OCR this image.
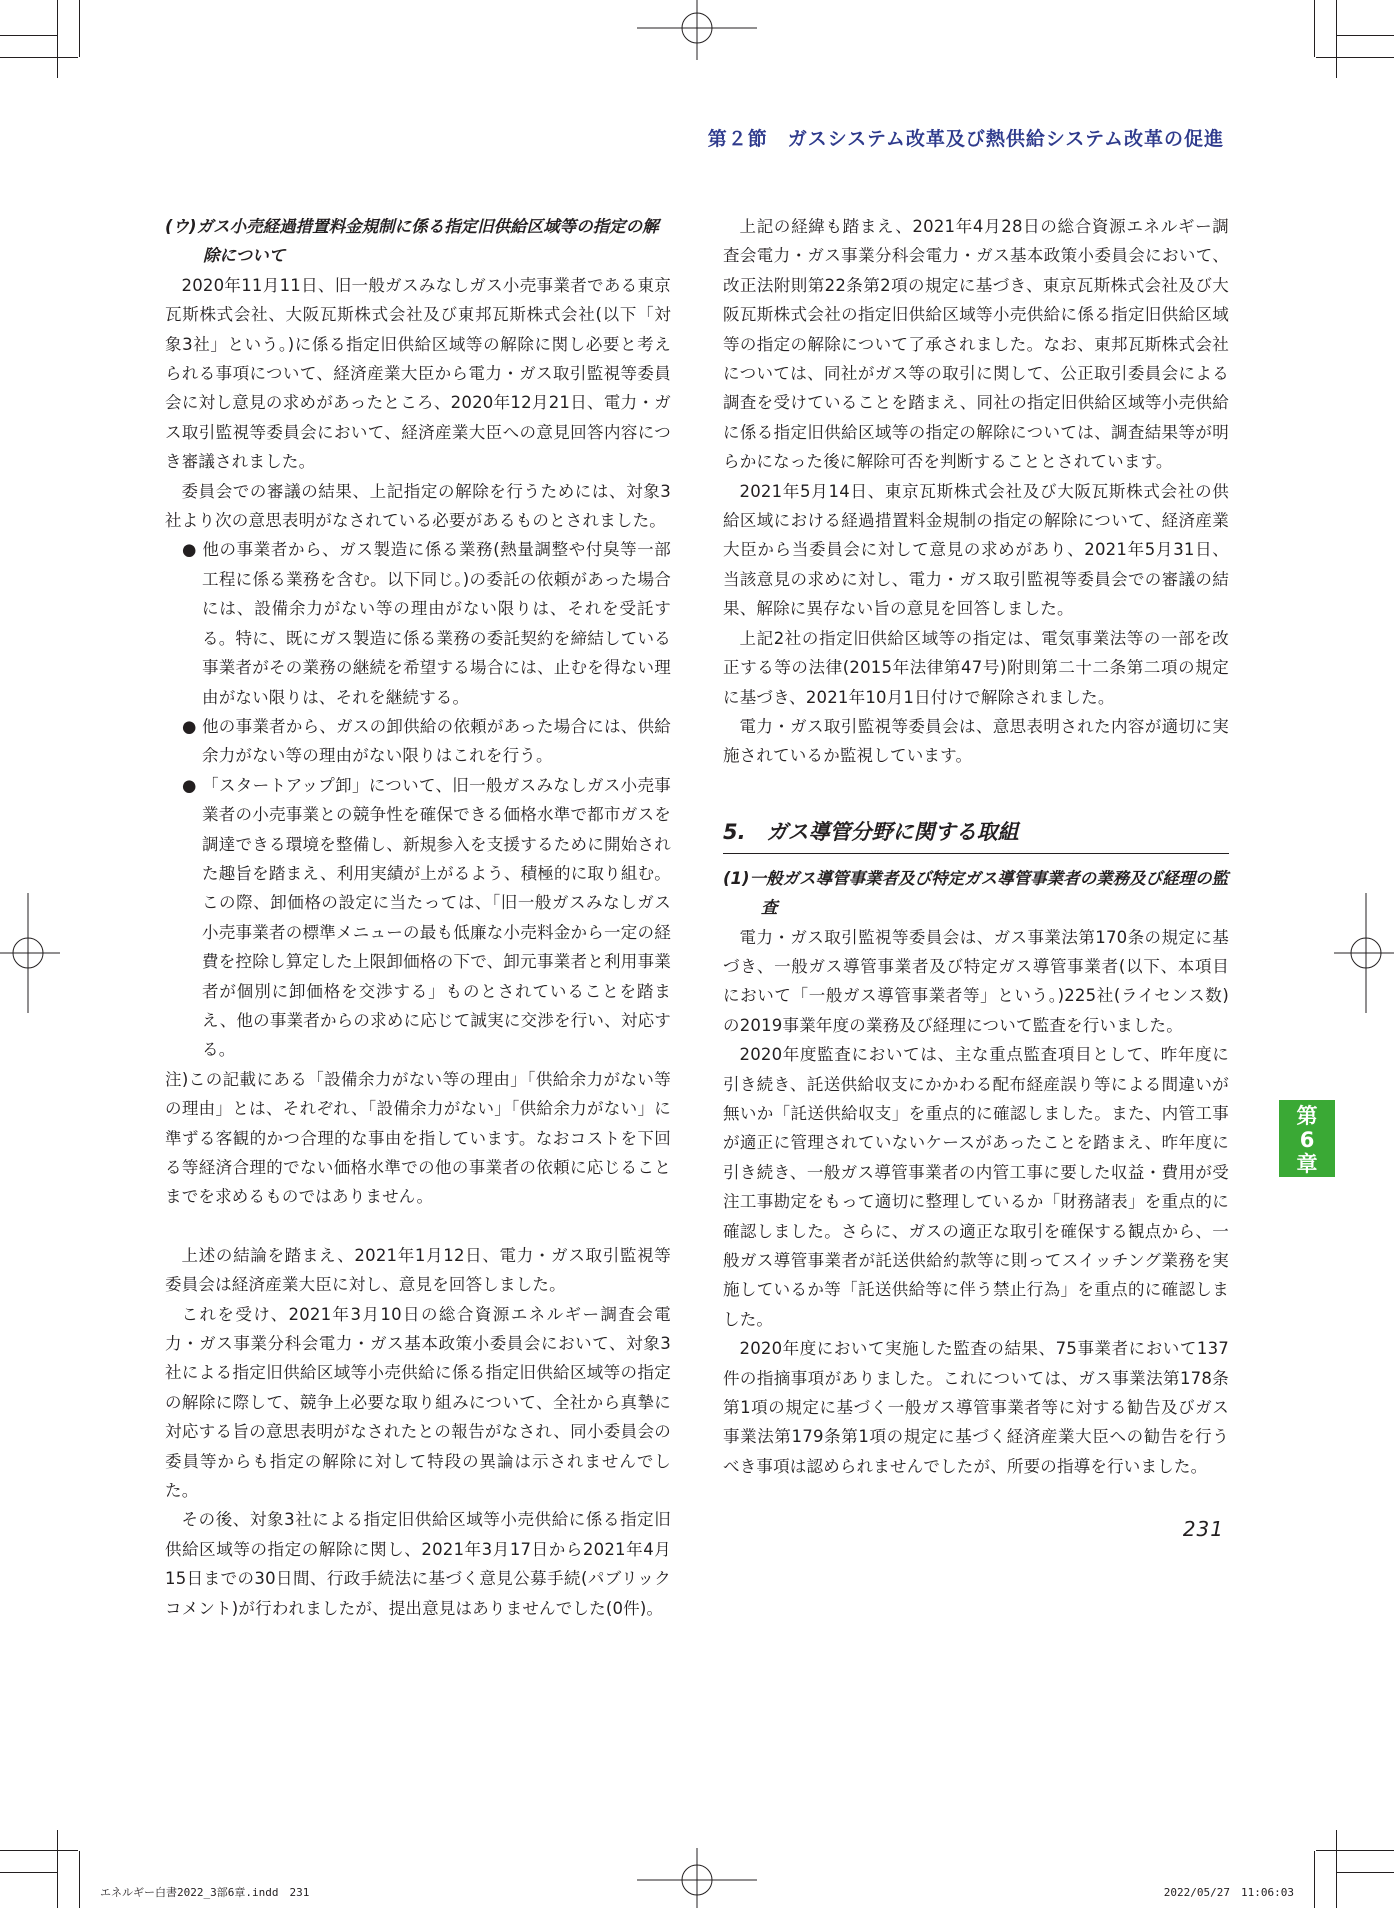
第２節　ガスシステム改革及び熱供給システム改革の促進

(ウ)ガス小売経過措置料金規制に係る指定旧供給区域等の指定の解除について

2020年11月11日、旧一般ガスみなしガス小売事業者である東京瓦斯株式会社、大阪瓦斯株式会社及び東邦瓦斯株式会社(以下「対象3社」という。)に係る指定旧供給区域等の解除に関し必要と考えられる事項について、経済産業大臣から電力・ガス取引監視等委員会に対し意見の求めがあったところ、2020年12月21日、電力・ガス取引監視等委員会において、経済産業大臣への意見回答内容につき審議されました。

委員会での審議の結果、上記指定の解除を行うためには、対象3社より次の意思表明がなされている必要があるものとされました。

● 他の事業者から、ガス製造に係る業務(熱量調整や付臭等一部工程に係る業務を含む。以下同じ。)の委託の依頼があった場合には、設備余力がない等の理由がない限りは、それを受託する。特に、既にガス製造に係る業務の委託契約を締結している事業者がその業務の継続を希望する場合には、止むを得ない理由がない限りは、それを継続する。

● 他の事業者から、ガスの卸供給の依頼があった場合には、供給余力がない等の理由がない限りはこれを行う。

● 「スタートアップ卸」について、旧一般ガスみなしガス小売事業者の小売事業との競争性を確保できる価格水準で都市ガスを調達できる環境を整備し、新規参入を支援するために開始された趣旨を踏まえ、利用実績が上がるよう、積極的に取り組む。この際、卸価格の設定に当たっては、「旧一般ガスみなしガス小売事業者の標準メニューの最も低廉な小売料金から一定の経費を控除し算定した上限卸価格の下で、卸元事業者と利用事業者が個別に卸価格を交渉する」ものとされていることを踏まえ、他の事業者からの求めに応じて誠実に交渉を行い、対応する。

注)この記載にある「設備余力がない等の理由」「供給余力がない等の理由」とは、それぞれ、「設備余力がない」「供給余力がない」に準ずる客観的かつ合理的な事由を指しています。なおコストを下回る等経済合理的でない価格水準での他の事業者の依頼に応じることまでを求めるものではありません。

上述の結論を踏まえ、2021年1月12日、電力・ガス取引監視等委員会は経済産業大臣に対し、意見を回答しました。

これを受け、2021年3月10日の総合資源エネルギー調査会電力・ガス事業分科会電力・ガス基本政策小委員会において、対象3社による指定旧供給区域等小売供給に係る指定旧供給区域等の指定の解除に際して、競争上必要な取り組みについて、全社から真摯に対応する旨の意思表明がなされたとの報告がなされ、同小委員会の委員等からも指定の解除に対して特段の異論は示されませんでした。

その後、対象3社による指定旧供給区域等小売供給に係る指定旧供給区域等の指定の解除に関し、2021年3月17日から2021年4月15日までの30日間、行政手続法に基づく意見公募手続(パブリックコメント)が行われましたが、提出意見はありませんでした(0件)。

上記の経緯も踏まえ、2021年4月28日の総合資源エネルギー調査会電力・ガス事業分科会電力・ガス基本政策小委員会において、改正法附則第22条第2項の規定に基づき、東京瓦斯株式会社及び大阪瓦斯株式会社の指定旧供給区域等小売供給に係る指定旧供給区域等の指定の解除について了承されました。なお、東邦瓦斯株式会社については、同社がガス等の取引に関して、公正取引委員会による調査を受けていることを踏まえ、同社の指定旧供給区域等小売供給に係る指定旧供給区域等の指定の解除については、調査結果等が明らかになった後に解除可否を判断することとされています。

2021年5月14日、東京瓦斯株式会社及び大阪瓦斯株式会社の供給区域における経過措置料金規制の指定の解除について、経済産業大臣から当委員会に対して意見の求めがあり、2021年5月31日、当該意見の求めに対し、電力・ガス取引監視等委員会での審議の結果、解除に異存ない旨の意見を回答しました。

上記2社の指定旧供給区域等の指定は、電気事業法等の一部を改正する等の法律(2015年法律第47号)附則第二十二条第二項の規定に基づき、2021年10月1日付けで解除されました。

電力・ガス取引監視等委員会は、意思表明された内容が適切に実施されているか監視しています。

5.　ガス導管分野に関する取組

(1)一般ガス導管事業者及び特定ガス導管事業者の業務及び経理の監査

電力・ガス取引監視等委員会は、ガス事業法第170条の規定に基づき、一般ガス導管事業者及び特定ガス導管事業者(以下、本項目において「一般ガス導管事業者等」という。)225社(ライセンス数)の2019事業年度の業務及び経理について監査を行いました。

2020年度監査においては、主な重点監査項目として、昨年度に引き続き、託送供給収支にかかわる配布経産誤り等による間違いが無いか「託送供給収支」を重点的に確認しました。また、内管工事が適正に管理されていないケースがあったことを踏まえ、昨年度に引き続き、一般ガス導管事業者の内管工事に要した収益・費用が受注工事勘定をもって適切に整理しているか「財務諸表」を重点的に確認しました。さらに、ガスの適正な取引を確保する観点から、一般ガス導管事業者が託送供給約款等に則ってスイッチング業務を実施しているか等「託送供給等に伴う禁止行為」を重点的に確認しました。

2020年度において実施した監査の結果、75事業者において137件の指摘事項がありました。これについては、ガス事業法第178条第1項の規定に基づく一般ガス導管事業者等に対する勧告及びガス事業法第179条第1項の規定に基づく経済産業大臣への勧告を行うべき事項は認められませんでしたが、所要の指導を行いました。

第
6
章
231
エネルギー白書2022_3部6章.indd　231	2022/05/27　11:06:03
